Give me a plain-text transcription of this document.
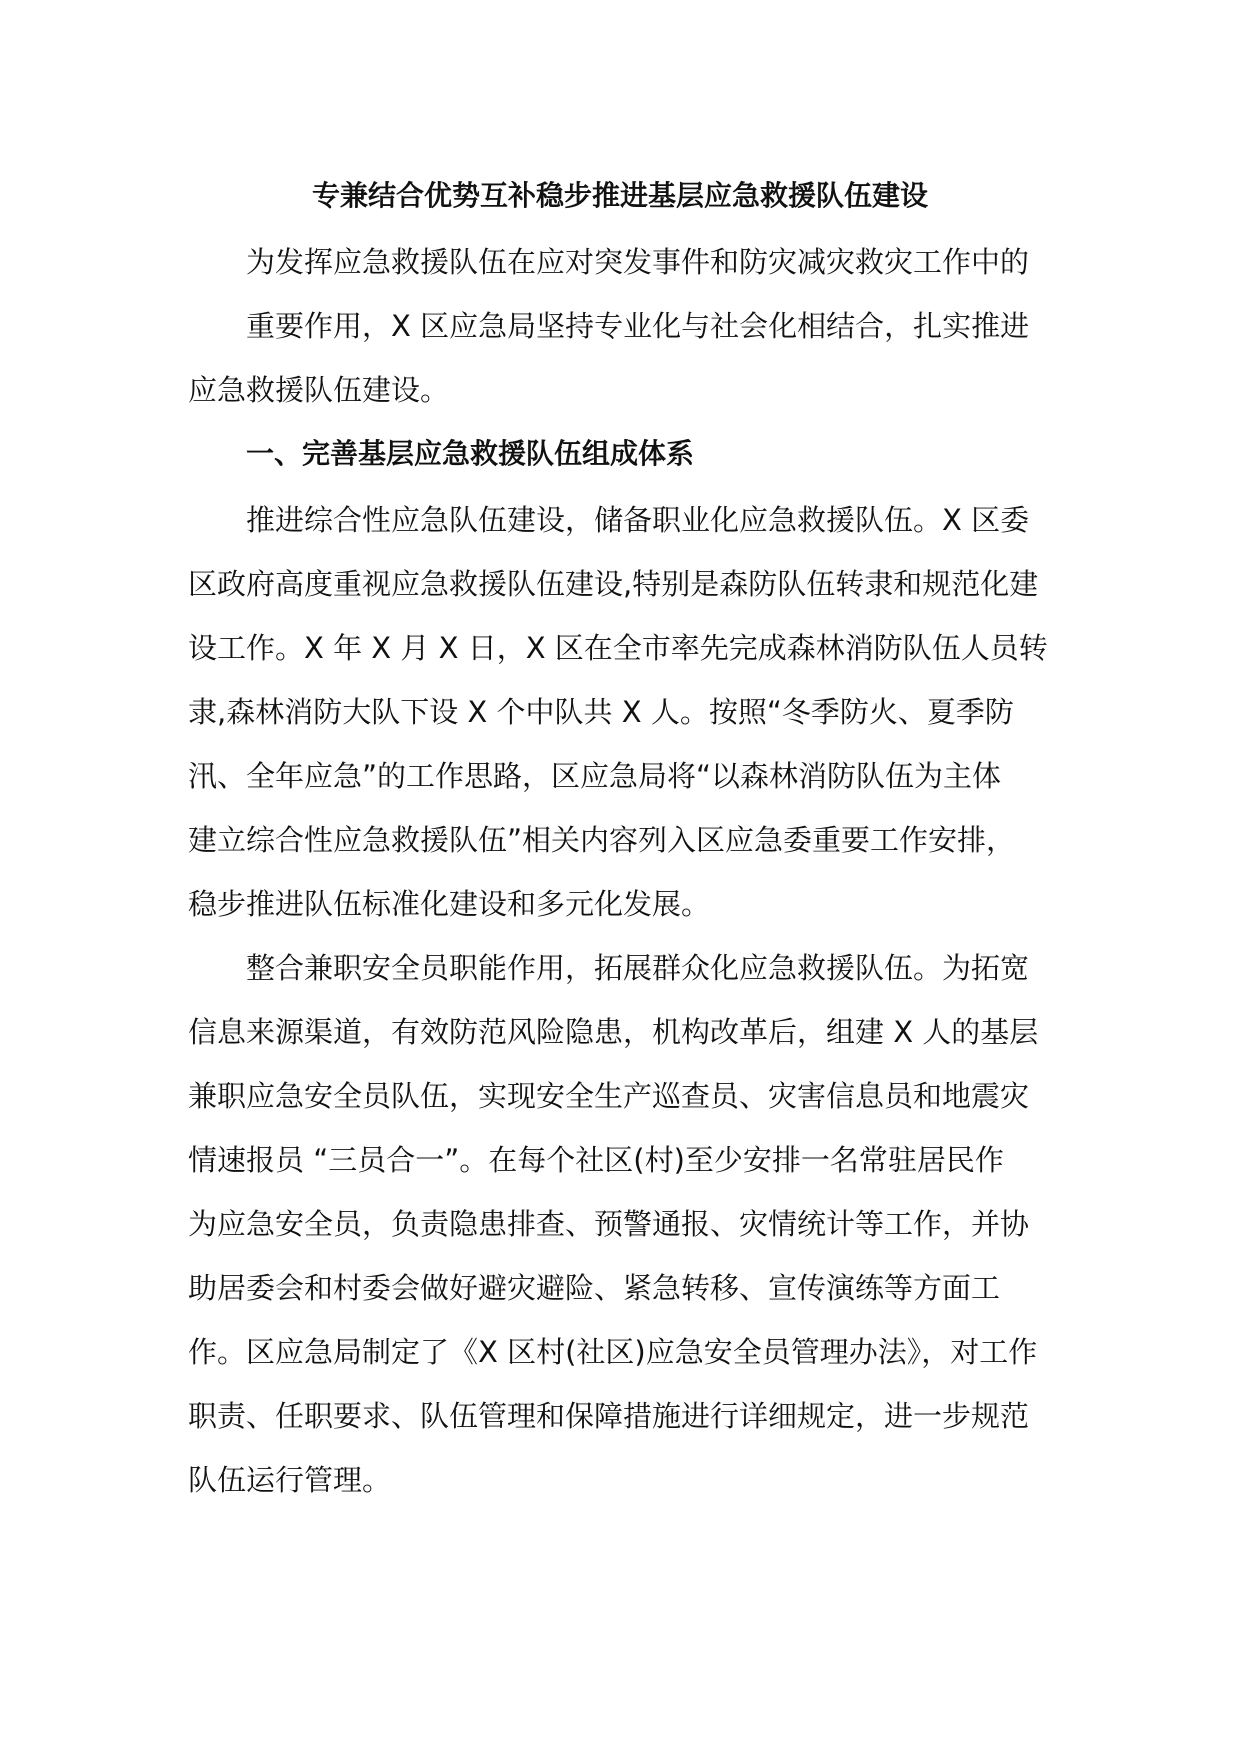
专兼结合优势互补稳步推进基层应急救援队伍建设

为发挥应急救援队伍在应对突发事件和防灾减灾救灾工作中的

重要作用，X 区应急局坚持专业化与社会化相结合，扎实推进

应急救援队伍建设。

一、完善基层应急救援队伍组成体系

推进综合性应急队伍建设，储备职业化应急救援队伍。X 区委

区政府高度重视应急救援队伍建设,特别是森防队伍转隶和规范化建

设工作。X 年 X 月 X 日，X 区在全市率先完成森林消防队伍人员转

隶,森林消防大队下设 X 个中队共 X 人。按照“冬季防火、夏季防

汛、全年应急”的工作思路，区应急局将“以森林消防队伍为主体

建立综合性应急救援队伍”相关内容列入区应急委重要工作安排，

稳步推进队伍标准化建设和多元化发展。

整合兼职安全员职能作用，拓展群众化应急救援队伍。为拓宽

信息来源渠道，有效防范风险隐患，机构改革后，组建 X 人的基层

兼职应急安全员队伍，实现安全生产巡查员、灾害信息员和地震灾

情速报员 “三员合一”。在每个社区(村)至少安排一名常驻居民作

为应急安全员，负责隐患排查、预警通报、灾情统计等工作，并协

助居委会和村委会做好避灾避险、紧急转移、宣传演练等方面工

作。区应急局制定了《X 区村(社区)应急安全员管理办法》，对工作

职责、任职要求、队伍管理和保障措施进行详细规定，进一步规范

队伍运行管理。
